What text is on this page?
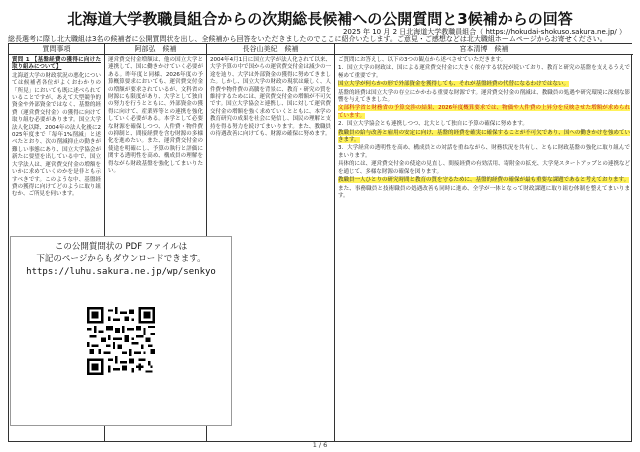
北海道大学教職員組合からの次期総長候補への公開質問と3候補からの回答
2025 年 10 月 2 日北海道大学教職員組合（ https://hokudai-shokuso.sakura.ne.jp/ ）
総長選考に際し北大職組は3名の候補者に公開質問状を出し、全候補から回答をいただきましたのでここに紹介いたします。ご意見・ご感想などは北大職組ホームページからお寄せください。
質問事項

質問 1 【基盤経費の獲得に向けた取り組みについて】

北海道大学の財政状況の悪化については候補者各位がよくおわかりの「所見」においても既に述べられていることですが、あえて大型競争的資金や外部資金ではなく、基盤的経費（運営費交付金）の獲得に向けて取り組む必要があります。国立大学法人化以降、2004年の法人化後に2025年度まで「毎年1%削減」と述べたとおり、次の削減抑止の動きが難しい事態にあり、国立大学協会が新たに要望を出している中で、国立大学法人は、運営費交付金の増額をいかに求めていくのかを是非とも示すべきです。このような中、基盤経費の獲得に向けてどのように取り組むか、ご所見を伺います。

阿部弘　候補

運営費交付金増額は、他の国立大学と連携して、国に働きかけていく必要がある。昨年度と同様、2026年度の予算概算要求においても、運営費交付金の増額が要求されているが、文科省の財源にも限度があり、大学として独自の努力を行うとともに、外部資金の獲得に向けて、産業界等との連携を強化していく必要がある。本学として必要な財源を確保しつつ、人件費・物件費の抑制と、間接経費を含む財源の多様化を進めたい。また、運営費交付金の使途を明確にし、予算の執行と評価に関する透明性を高め、構成員の理解を得ながら財政基盤を強化してまいりたい。

長谷山美紀　候補

2004年4月1日に国立大学が法人化されて以来、大学予算の中で国からの運営費交付金は減少の一途を辿り、大学は外部資金の獲得に努めてきました。しかし、国立大学の財政の現状は厳しく、人件費や物件費の高騰を背景に、教育・研究の質を維持するためには、運営費交付金の増額が不可欠です。国立大学協会と連携し、国に対して運営費交付金の増額を強く求めていくとともに、本学の教育研究の成果を社会に発信し、国民の理解と支持を得る努力を続けてまいります。また、教職員の待遇改善に向けても、財源の確保に努めます。

宮本清博　候補

ご質問にお答えし、以下の3つの観点から述べさせていただきます。

1．国立大学の財政は、国による運営費交付金に大きく依存する状況が続いており、教育と研究の基盤を支えるうえで極めて重要です。

国立大学が何らかの形で外部資金を獲得しても、それが基盤経費の代替になるわけではない。

基盤的経費は国立大学の存立にかかわる重要な財源です。運営費交付金の削減は、教職員の処遇や研究環境に深刻な影響を与えてきました。

文部科学省と財務省の予算交渉の結果、2026年度概算要求では、物価や人件費の上昇分を反映させた増額が求められています。

2．国立大学協会とも連携しつつ、北大として独自に予算の確保に努めます。

教職員の給与改善と雇用の安定に向け、基盤的経費を確実に確保することが不可欠であり、国への働きかけを強めていきます。

3．大学経営の透明性を高め、構成員との対話を重ねながら、財務状況を共有し、ともに財政基盤の強化に取り組んでまいります。

具体的には、運営費交付金の使途の見直し、間接経費の有効活用、寄附金の拡充、大学発スタートアップとの連携などを通じて、多様な財源の確保を図ります。

教職員一人ひとりの研究時間と教育の質を守るために、基盤的経費の確保が最も重要な課題であると考えております。

また、事務職員と技術職員の処遇改善も同時に進め、全学が一体となって財政課題に取り組む体制を整えてまいります。

この公開質問状の PDF ファイルは
下記のページからもダウンロードできます。
https://luhu.sakura.ne.jp/wp/senkyo
1 / 6
